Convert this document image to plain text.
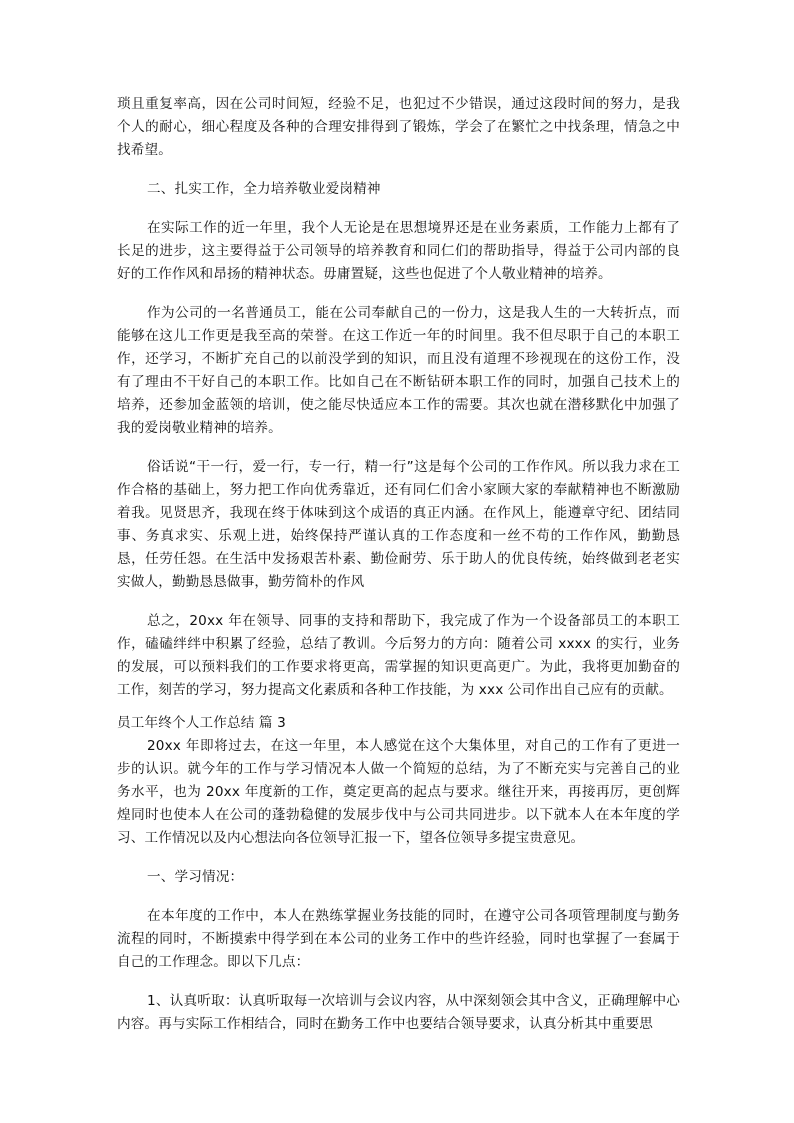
琐且重复率高，因在公司时间短，经验不足，也犯过不少错误，通过这段时间的努力，是我个人的耐心，细心程度及各种的合理安排得到了锻炼，学会了在繁忙之中找条理，情急之中找希望。

二、扎实工作，全力培养敬业爱岗精神

在实际工作的近一年里，我个人无论是在思想境界还是在业务素质，工作能力上都有了长足的进步，这主要得益于公司领导的培养教育和同仁们的帮助指导，得益于公司内部的良好的工作作风和昂扬的精神状态。毋庸置疑，这些也促进了个人敬业精神的培养。

作为公司的一名普通员工，能在公司奉献自己的一份力，这是我人生的一大转折点，而能够在这儿工作更是我至高的荣誉。在这工作近一年的时间里。我不但尽职于自己的本职工作，还学习，不断扩充自己的以前没学到的知识，而且没有道理不珍视现在的这份工作，没有了理由不干好自己的本职工作。比如自己在不断钻研本职工作的同时，加强自己技术上的培养，还参加金蓝领的培训，使之能尽快适应本工作的需要。其次也就在潜移默化中加强了我的爱岗敬业精神的培养。

俗话说“干一行，爱一行，专一行，精一行”这是每个公司的工作作风。所以我力求在工作合格的基础上，努力把工作向优秀靠近，还有同仁们舍小家顾大家的奉献精神也不断激励着我。见贤思齐，我现在终于体味到这个成语的真正内涵。在作风上，能遵章守纪、团结同事、务真求实、乐观上进，始终保持严谨认真的工作态度和一丝不苟的工作作风，勤勤恳恳，任劳任怨。在生活中发扬艰苦朴素、勤俭耐劳、乐于助人的优良传统，始终做到老老实实做人，勤勤恳恳做事，勤劳简朴的作风

总之，20xx 年在领导、同事的支持和帮助下，我完成了作为一个设备部员工的本职工作，磕磕绊绊中积累了经验，总结了教训。今后努力的方向：随着公司 xxxx 的实行，业务的发展，可以预料我们的工作要求将更高，需掌握的知识更高更广。为此，我将更加勤奋的工作，刻苦的学习，努力提高文化素质和各种工作技能，为 xxx 公司作出自己应有的贡献。

员工年终个人工作总结 篇 3

20xx 年即将过去，在这一年里，本人感觉在这个大集体里，对自己的工作有了更进一步的认识。就今年的工作与学习情况本人做一个简短的总结，为了不断充实与完善自己的业务水平，也为 20xx 年度新的工作，奠定更高的起点与要求。继往开来，再接再厉，更创辉煌同时也使本人在公司的蓬勃稳健的发展步伐中与公司共同进步。以下就本人在本年度的学习、工作情况以及内心想法向各位领导汇报一下，望各位领导多提宝贵意见。

一、学习情况：

在本年度的工作中，本人在熟练掌握业务技能的同时，在遵守公司各项管理制度与勤务流程的同时，不断摸索中得学到在本公司的业务工作中的些许经验，同时也掌握了一套属于自己的工作理念。即以下几点：

1、认真听取：认真听取每一次培训与会议内容，从中深刻领会其中含义，正确理解中心内容。再与实际工作相结合，同时在勤务工作中也要结合领导要求，认真分析其中重要思
